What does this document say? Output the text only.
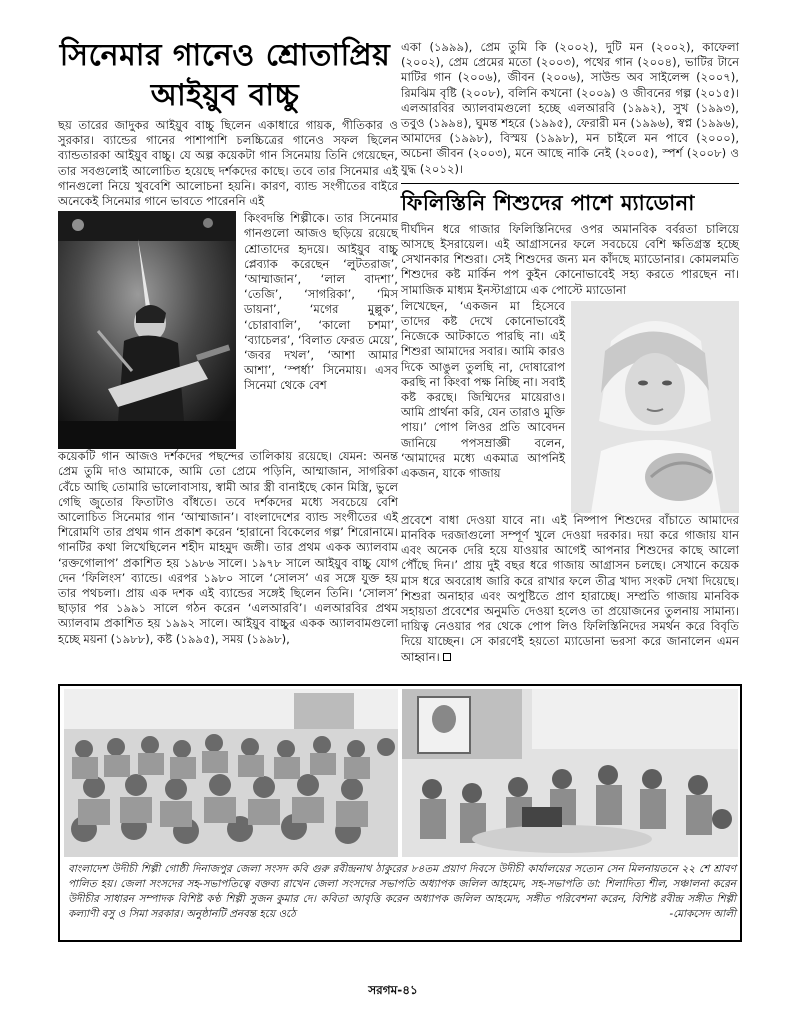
সিনেমার গানেও শ্রোতাপ্রিয়
আইয়ুব বাচ্চু

ছয় তারের জাদুকর আইয়ুব বাচ্চু ছিলেন একাধারে গায়ক, গীতিকার ও সুরকার। ব্যান্ডের গানের পাশাপাশি চলচ্চিত্রের গানেও সফল ছিলেন ব্যান্ডতারকা আইয়ুব বাচ্চু। যে অল্প কয়েকটা গান সিনেমায় তিনি গেয়েছেন, তার সবগুলোই আলোচিত হয়েছে দর্শকদের কাছে। তবে তার সিনেমার এই গানগুলো নিয়ে খুববেশি আলোচনা হয়নি। কারণ, ব্যান্ড সংগীতের বাইরে অনেকেই সিনেমার গানে ভাবতে পারেননি এই

কিংবদন্তি শিল্পীকে। তার সিনেমার গানগুলো আজও ছড়িয়ে রয়েছে শ্রোতাদের হৃদয়ে। আইয়ুব বাচ্চু প্লেব্যাক করেছেন ‘লুটতরাজ’, ‘আম্মাজান’, ‘লাল বাদশা’, ‘তেজি’, ‘সাগরিকা’, ‘মিস ডায়না’, ‘মগের মুল্লুক’, ‘চোরাবালি’, ‘কালো চশমা’, ‘ব্যাচেলর’, ‘বিলাত ফেরত মেয়ে’, ‘জবর দখল’, ‘আশা আমার আশা’, ‘স্পর্ধা’ সিনেমায়। এসব সিনেমা থেকে বেশ

কয়েকটি গান আজও দর্শকদের পছন্দের তালিকায় রয়েছে। যেমন: অনন্ত প্রেম তুমি দাও আমাকে, আমি তো প্রেমে পড়িনি, আম্মাজান, সাগরিকা বেঁচে আছি তোমারি ভালোবাসায়, স্বামী আর স্ত্রী বানাইছে কোন মিস্ত্রি, ভুলে গেছি জুতোর ফিতাটাও বাঁধতে। তবে দর্শকদের মধ্যে সবচেয়ে বেশি আলোচিত সিনেমার গান ‘আম্মাজান’। বাংলাদেশের ব্যান্ড সংগীতের এই শিরোমণি তার প্রথম গান প্রকাশ করেন ‘হারানো বিকেলের গল্প’ শিরোনামে। গানটির কথা লিখেছিলেন শহীদ মাহমুদ জঙ্গী। তার প্রথম একক অ্যালবাম ‘রক্তগোলাপ’ প্রকাশিত হয় ১৯৮৬ সালে। ১৯৭৮ সালে আইয়ুব বাচ্চু যোগ দেন ‘ফিলিংস’ ব্যান্ডে। এরপর ১৯৮০ সালে ‘সোলস’ এর সঙ্গে যুক্ত হয় তার পথচলা। প্রায় এক দশক এই ব্যান্ডের সঙ্গেই ছিলেন তিনি। ‘সোলস’ ছাড়ার পর ১৯৯১ সালে গঠন করেন ‘এলআরবি’। এলআরবির প্রথম অ্যালবাম প্রকাশিত হয় ১৯৯২ সালে। আইয়ুব বাচ্চুর একক অ্যালবামগুলো হচ্ছে ময়না (১৯৮৮), কষ্ট (১৯৯৫), সময় (১৯৯৮),

একা (১৯৯৯), প্রেম তুমি কি (২০০২), দুটি মন (২০০২), কাফেলা (২০০২), প্রেম প্রেমের মতো (২০০৩), পথের গান (২০০৪), ভাটির টানে মাটির গান (২০০৬), জীবন (২০০৬), সাউন্ড অব সাইলেন্স (২০০৭), রিমঝিম বৃষ্টি (২০০৮), বলিনি কখনো (২০০৯) ও জীবনের গল্প (২০১৫)। এলআরবির অ্যালবামগুলো হচ্ছে এলআরবি (১৯৯২), সুখ (১৯৯৩), তবুও (১৯৯৪), ঘুমন্ত শহরে (১৯৯৫), ফেরারী মন (১৯৯৬), স্বপ্ন (১৯৯৬), আমাদের (১৯৯৮), বিস্ময় (১৯৯৮), মন চাইলে মন পাবে (২০০০), অচেনা জীবন (২০০৩), মনে আছে নাকি নেই (২০০৫), স্পর্শ (২০০৮) ও যুদ্ধ (২০১২)।

ফিলিস্তিনি শিশুদের পাশে ম্যাডোনা

দীর্ঘদিন ধরে গাজার ফিলিস্তিনিদের ওপর অমানবিক বর্বরতা চালিয়ে আসছে ইসরায়েল। এই আগ্রাসনের ফলে সবচেয়ে বেশি ক্ষতিগ্রস্ত হচ্ছে সেখানকার শিশুরা। সেই শিশুদের জন্য মন কাঁদছে ম্যাডোনার। কোমলমতি শিশুদের কষ্ট মার্কিন পপ কুইন কোনোভাবেই সহ্য করতে পারছেন না। সামাজিক মাধ্যম ইনস্টাগ্রামে এক পোস্টে ম্যাডোনা

লিখেছেন, ‘একজন মা হিসেবে তাদের কষ্ট দেখে কোনোভাবেই নিজেকে আটকাতে পারছি না। এই শিশুরা আমাদের সবার। আমি কারও দিকে আঙুল তুলছি না, দোষারোপ করছি না কিংবা পক্ষ নিচ্ছি না। সবাই কষ্ট করছে। জিম্মিদের মায়েরাও। আমি প্রার্থনা করি, যেন তারাও মুক্তি পায়।’ পোপ লিওর প্রতি আবেদন জানিয়ে পপসম্রাজ্ঞী বলেন, ‘আমাদের মধ্যে একমাত্র আপনিই একজন, যাকে গাজায়

প্রবেশে বাধা দেওয়া যাবে না। এই নিষ্পাপ শিশুদের বাঁচাতে আমাদের মানবিক দরজাগুলো সম্পূর্ণ খুলে দেওয়া দরকার। দয়া করে গাজায় যান এবং অনেক দেরি হয়ে যাওয়ার আগেই আপনার শিশুদের কাছে আলো পৌঁছে দিন।’ প্রায় দুই বছর ধরে গাজায় আগ্রাসন চলছে। সেখানে কয়েক মাস ধরে অবরোধ জারি করে রাখার ফলে তীব্র খাদ্য সংকট দেখা দিয়েছে। শিশুরা অনাহার এবং অপুষ্টিতে প্রাণ হারাচ্ছে। সম্প্রতি গাজায় মানবিক সহায়তা প্রবেশের অনুমতি দেওয়া হলেও তা প্রয়োজনের তুলনায় সামান্য। দায়িত্ব নেওয়ার পর থেকে পোপ লিও ফিলিস্তিনিদের সমর্থন করে বিবৃতি দিয়ে যাচ্ছেন। সে কারণেই হয়তো ম্যাডোনা ভরসা করে জানালেন এমন আহ্বান।

বাংলাদেশ উদীচী শিল্পী গোষ্ঠী দিনাজপুর জেলা সংসদ কবি গুরু রবীন্দ্রনাথ ঠাকুরের ৮৪তম প্রয়াণ দিবসে উদীচী কার্যালয়ের সত্যেন সেন মিলনায়তনে ২২ শে শ্রাবণ পালিত হয়। জেলা সংসদের সহ-সভাপতিত্বে বক্তব্য রাখেন জেলা সংসদের সভাপতি অধ্যাপক জলিল আহমেদ, সহ-সভাপতি ডা: শিলাদিত্য শীল, সঞ্চালনা করেন উদীচীর সাধারন সম্পাদক বিশিষ্ট কণ্ঠ শিল্পী সুজন কুমার দে। কবিতা আবৃত্তি করেন অধ্যাপক জলিল আহমেদ, সঙ্গীত পরিবেশনা করেন, বিশিষ্ট রবীন্দ্র সঙ্গীত শিল্পী কল্যাণী বসু ও সিমা সরকার। অনুষ্ঠানটি প্রনবন্ত হয়ে ওঠে	-মোকসেদ আলী
সরগম-৪১
